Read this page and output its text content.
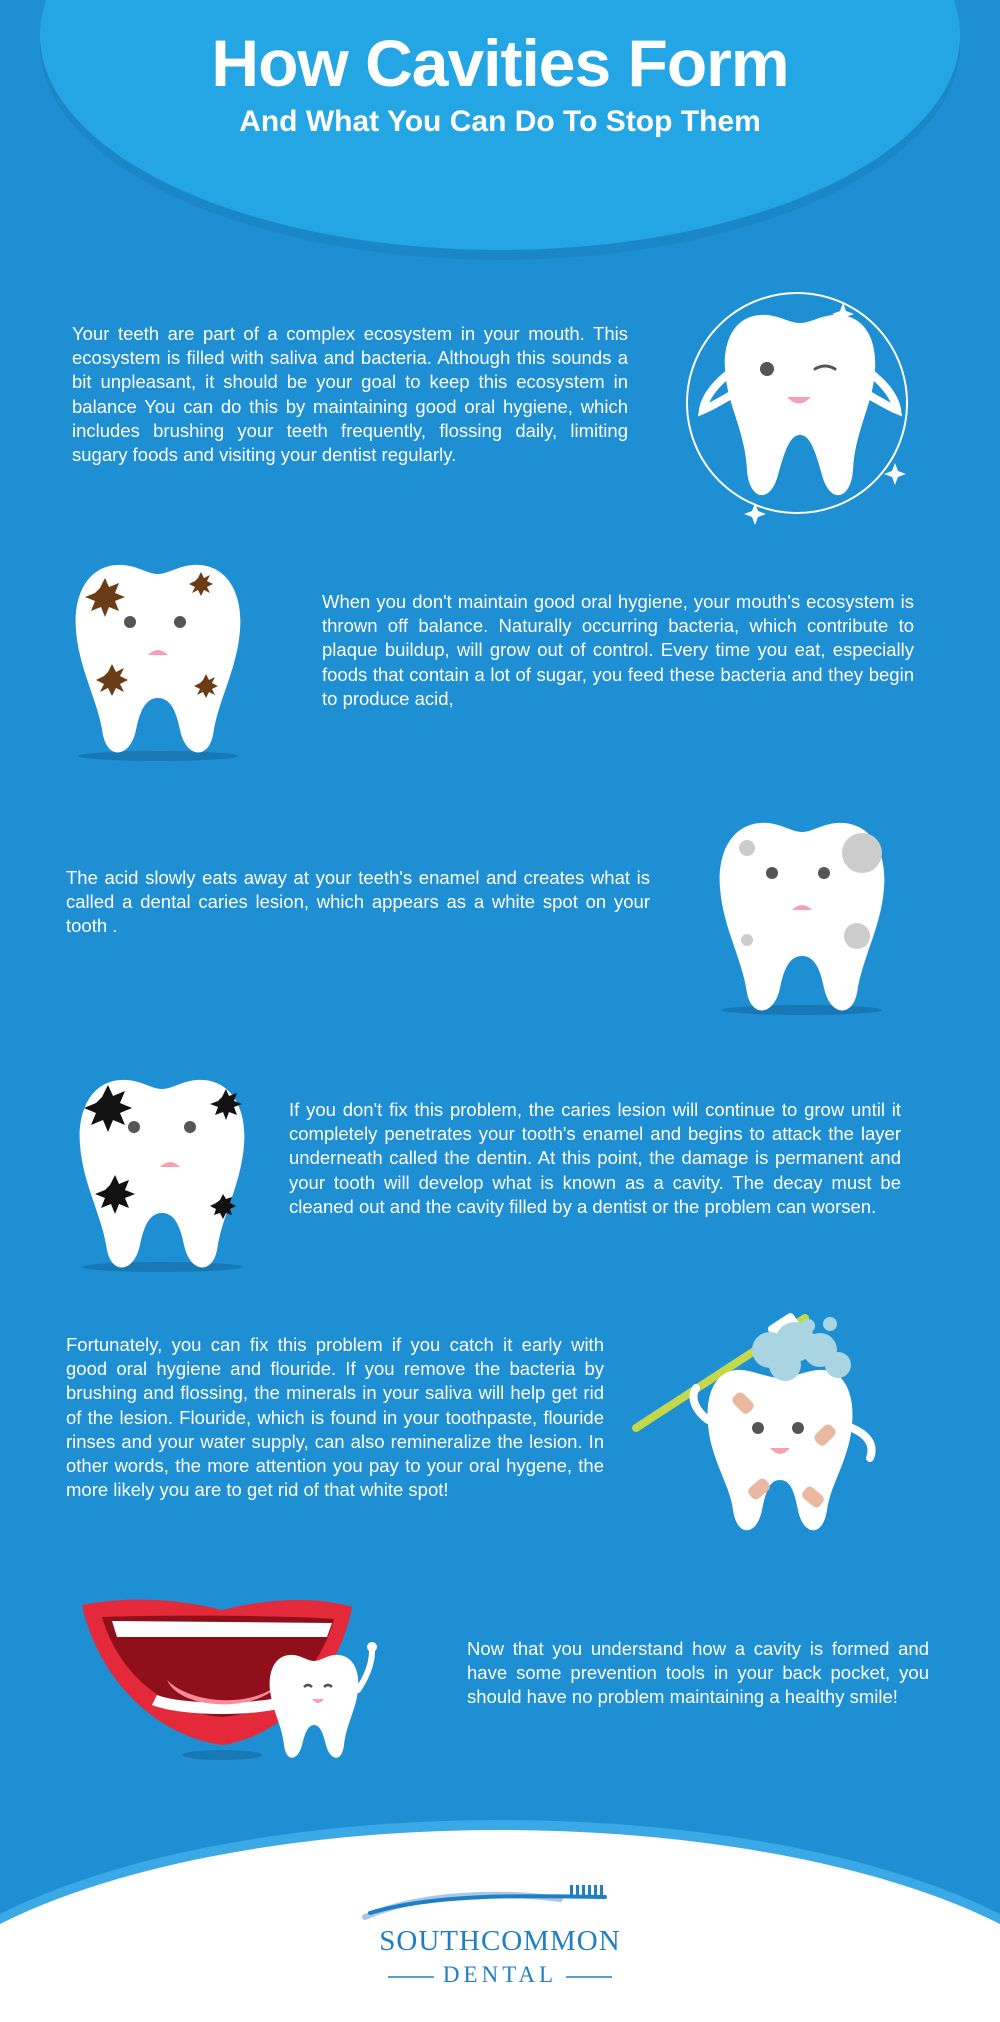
How Cavities Form
And What You Can Do To Stop Them
Your teeth are part of a complex ecosystem in your mouth. This ecosystem is filled with saliva and bacteria. Although this sounds a bit unpleasant, it should be your goal to keep this ecosystem in balance You can do this by maintaining good oral hygiene, which includes brushing your teeth frequently, flossing daily, limiting sugary foods and visiting your dentist regularly.
When you don't maintain good oral hygiene, your mouth's ecosystem is thrown off balance. Naturally occurring bacteria, which contribute to plaque buildup, will grow out of control. Every time you eat, especially foods that contain a lot of sugar, you feed these bacteria and they begin to produce acid,
The acid slowly eats away at your teeth's enamel and creates what is called a dental caries lesion, which appears as a white spot on your tooth .
If you don't fix this problem, the caries lesion will continue to grow until it completely penetrates your tooth's enamel and begins to attack the layer underneath called the dentin. At this point, the damage is permanent and your tooth will develop what is known as a cavity. The decay must be cleaned out and the cavity filled by a dentist or the problem can worsen.
Fortunately, you can fix this problem if you catch it early with good oral hygiene and flouride. If you remove the bacteria by brushing and flossing, the minerals in your saliva will help get rid of the lesion. Flouride, which is found in your toothpaste, flouride rinses and your water supply, can also remineralize the lesion. In other words, the more attention you pay to your oral hygene, the more likely you are to get rid of that white spot!
Now that you understand how a cavity is formed and have some prevention tools in your back pocket, you should have no problem maintaining a healthy smile!
SOUTHCOMMON
DENTAL
